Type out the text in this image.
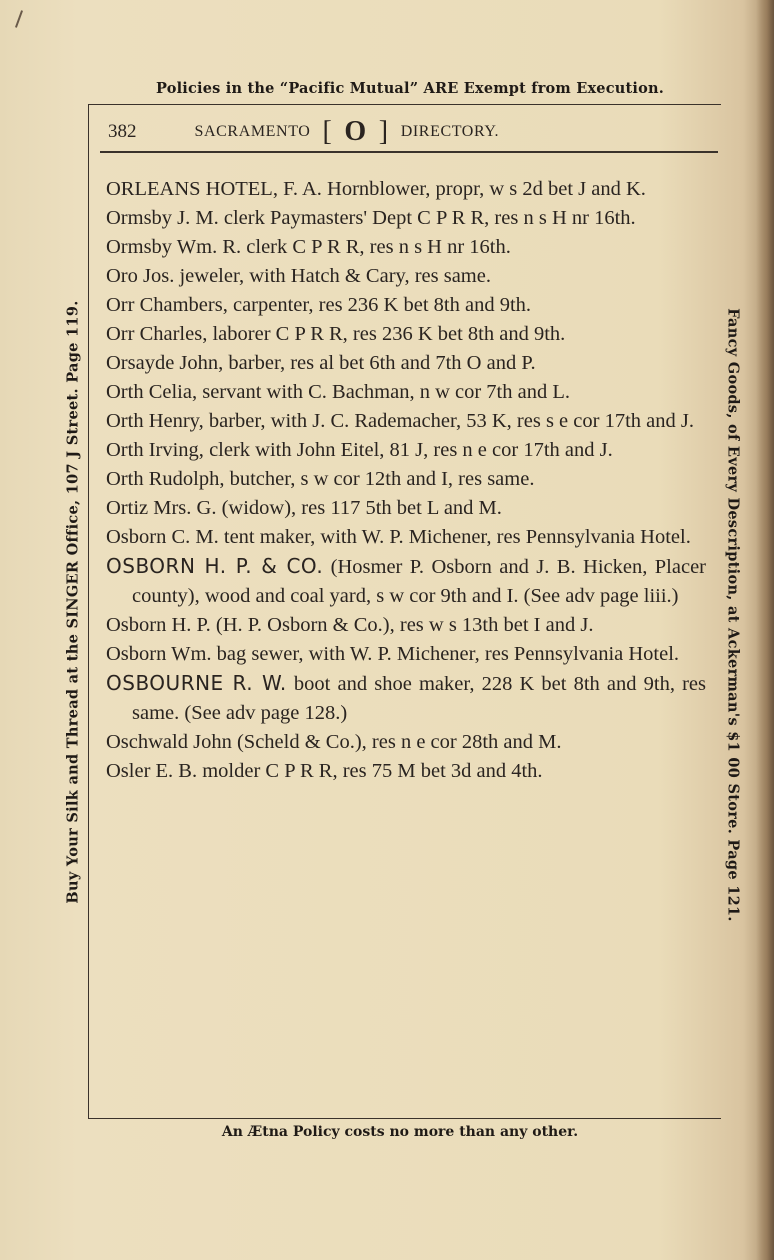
Policies in the “Pacific Mutual” ARE Exempt from Execution.
382	SACRAMENTO [ O ] DIRECTORY.

ORLEANS HOTEL, F. A. Hornblower, propr, w s 2d bet J and K.

Ormsby J. M. clerk Paymasters' Dept C P R R, res n s H nr 16th.

Ormsby Wm. R. clerk C P R R, res n s H nr 16th.

Oro Jos. jeweler, with Hatch & Cary, res same.

Orr Chambers, carpenter, res 236 K bet 8th and 9th.

Orr Charles, laborer C P R R, res 236 K bet 8th and 9th.

Orsayde John, barber, res al bet 6th and 7th O and P.

Orth Celia, servant with C. Bachman, n w cor 7th and L.

Orth Henry, barber, with J. C. Rademacher, 53 K, res s e cor 17th and J.

Orth Irving, clerk with John Eitel, 81 J, res n e cor 17th and J.

Orth Rudolph, butcher, s w cor 12th and I, res same.

Ortiz Mrs. G. (widow), res 117 5th bet L and M.

Osborn C. M. tent maker, with W. P. Michener, res Pennsylvania Hotel.

OSBORN H. P. & CO. (Hosmer P. Osborn and J. B. Hicken, Placer county), wood and coal yard, s w cor 9th and I. (See adv page liii.)

Osborn H. P. (H. P. Osborn & Co.), res w s 13th bet I and J.

Osborn Wm. bag sewer, with W. P. Michener, res Pennsylvania Hotel.

OSBOURNE R. W. boot and shoe maker, 228 K bet 8th and 9th, res same. (See adv page 128.)

Oschwald John (Scheld & Co.), res n e cor 28th and M.

Osler E. B. molder C P R R, res 75 M bet 3d and 4th.

Buy Your Silk and Thread at the SINGER Office, 107 J Street. Page 119.	Fancy Goods, of Every Description, at Ackerman's $1 00 Store. Page 121.
An Ætna Policy costs no more than any other.
